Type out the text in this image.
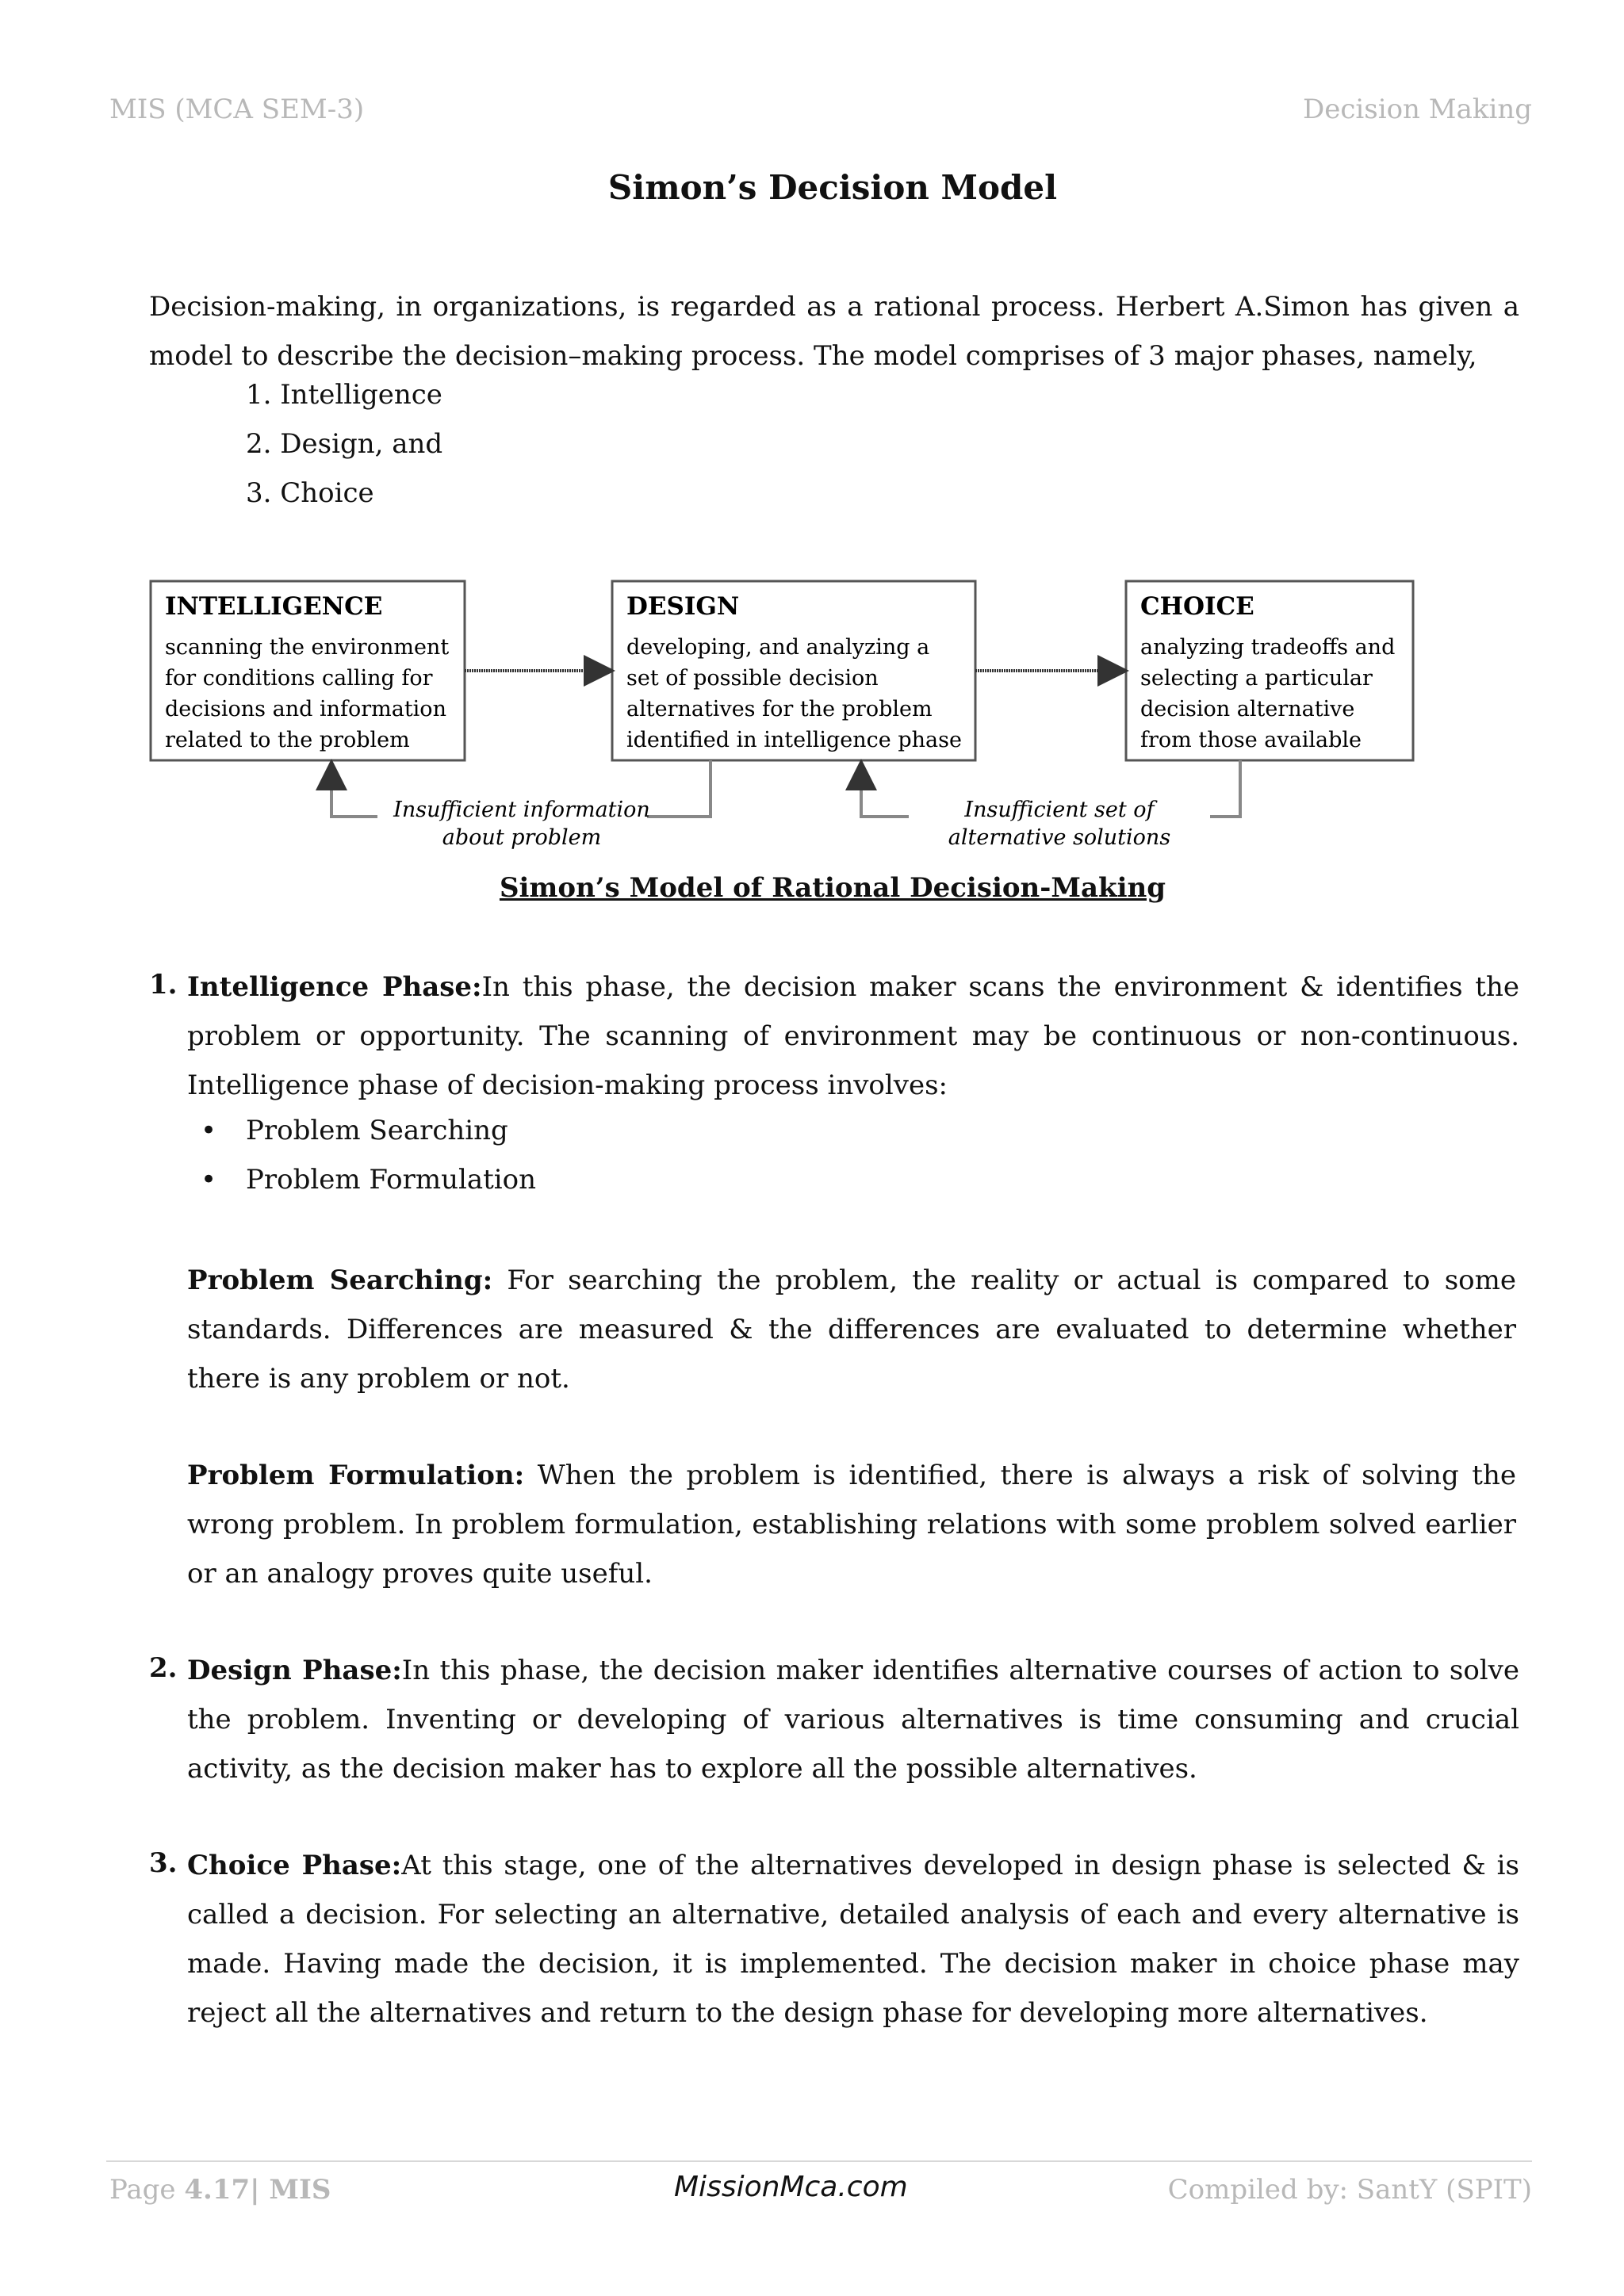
MIS (MCA SEM-3)	Decision Making
Simon’s Decision Model

Decision-making, in organizations, is regarded as a rational process. Herbert A.Simon has given a model to describe the decision–making process. The model comprises of 3 major phases, namely,

1. Intelligence
2. Design, and
3. Choice
INTELLIGENCE	DESIGN	CHOICE
scanning the environment
for conditions calling for
decisions and information
related to the problem
developing, and analyzing a
set of possible decision
alternatives for the problem
identified in intelligence phase
analyzing tradeoffs and
selecting a particular
decision alternative
from those available
Insufficient information
about problem
Insufficient set of
alternative solutions
Simon’s Model of Rational Decision-Making
1. Intelligence Phase:In this phase, the decision maker scans the environment & identifies the problem or opportunity. The scanning of environment may be continuous or non-continuous. Intelligence phase of decision-making process involves:

• Problem Searching
• Problem Formulation

Problem Searching: For searching the problem, the reality or actual is compared to some standards. Differences are measured & the differences are evaluated to determine whether there is any problem or not.

Problem Formulation: When the problem is identified, there is always a risk of solving the wrong problem. In problem formulation, establishing relations with some problem solved earlier or an analogy proves quite useful.

2. Design Phase:In this phase, the decision maker identifies alternative courses of action to solve the problem. Inventing or developing of various alternatives is time consuming and crucial activity, as the decision maker has to explore all the possible alternatives.

3. Choice Phase:At this stage, one of the alternatives developed in design phase is selected & is called a decision. For selecting an alternative, detailed analysis of each and every alternative is made. Having made the decision, it is implemented. The decision maker in choice phase may reject all the alternatives and return to the design phase for developing more alternatives.

Page 4.17| MIS	MissionMca.com	Compiled by: SantY (SPIT)
